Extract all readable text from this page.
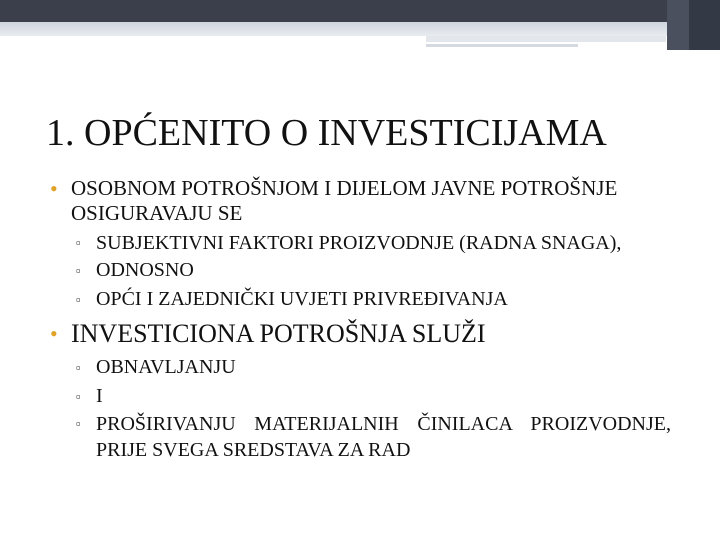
1. OPĆENITO O INVESTICIJAMA
• OSOBNOM POTROŠNJOM I DIJELOM JAVNE POTROŠNJE OSIGURAVAJU SE
▫ SUBJEKTIVNI FAKTORI PROIZVODNJE (RADNA SNAGA),
▫ ODNOSNO
▫ OPĆI I ZAJEDNIČKI UVJETI PRIVREĐIVANJA
• INVESTICIONA POTROŠNJA SLUŽI
▫ OBNAVLJANJU
▫ I
▫ PROŠIRIVANJU MATERIJALNIH ČINILACA PROIZVODNJE, PRIJE SVEGA SREDSTAVA ZA RAD
